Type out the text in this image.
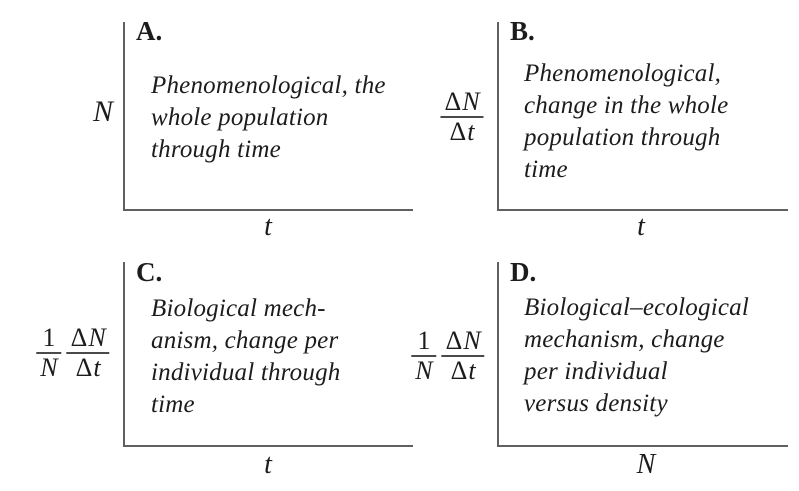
A.
Phenomenological, the
whole population
through time
N
t
B.
Phenomenological,
change in the whole
population through
time
$\frac{\Delta N}{\Delta t}$
t
C.
Biological mech-
anism, change per
individual through
time
$\frac{1}{N} \frac{\Delta N}{\Delta t}$
t
D.
Biological–ecological
mechanism, change
per individual
versus density
$\frac{1}{N} \frac{\Delta N}{\Delta t}$
N
